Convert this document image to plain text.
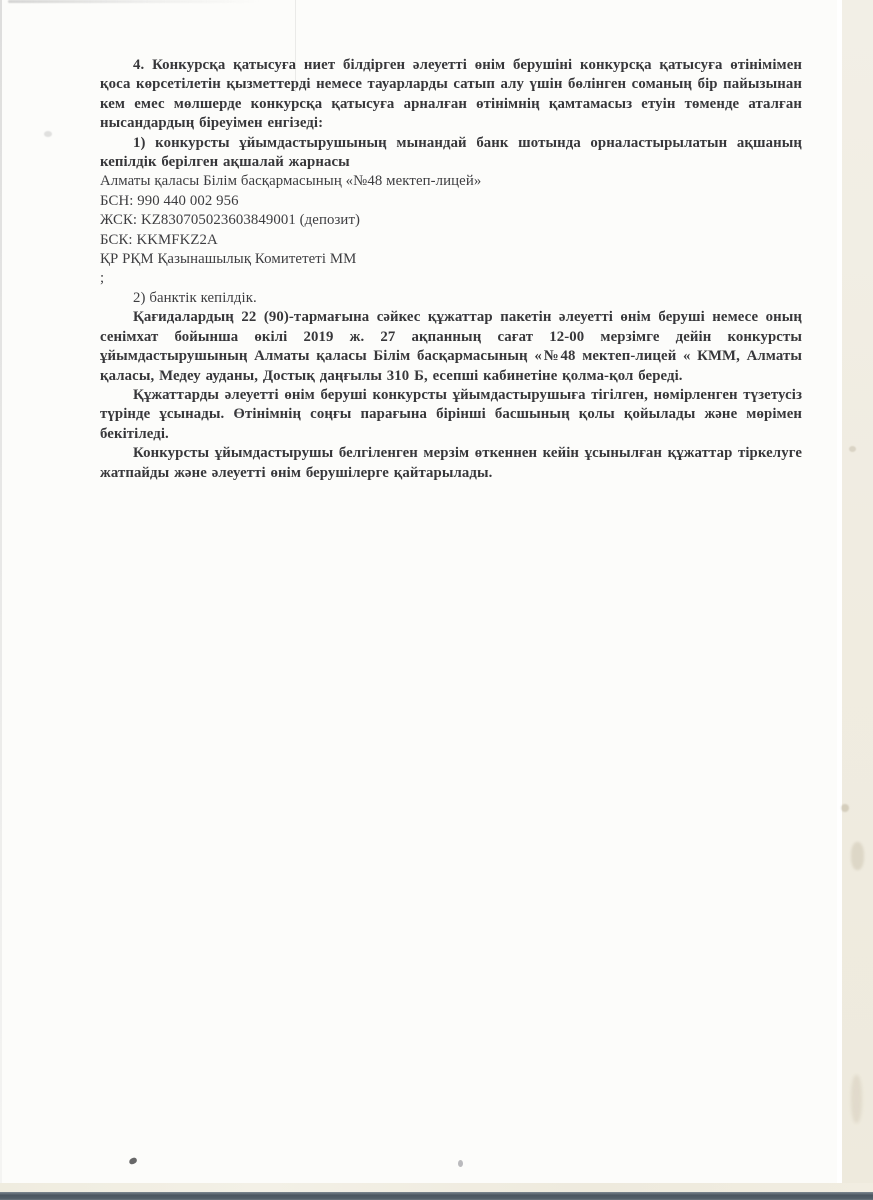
4. Конкурсқа қатысуға ниет білдірген әлеуетті өнім берушіні конкурсқа қатысуға өтінімімен қоса көрсетілетін қызметтерді немесе тауарларды сатып алу үшін бөлінген соманың бір пайызынан кем емес мөлшерде конкурсқа қатысуға арналған өтінімнің қамтамасыз етуін төменде аталған нысандардың біреуімен енгізеді:

1) конкурсты ұйымдастырушының мынандай банк шотында орналастырылатын ақшаның кепілдік берілген ақшалай жарнасы

Алматы қаласы Білім басқармасының «№48 мектеп-лицей»

БСН: 990 440 002 956

ЖСК: KZ830705023603849001 (депозит)

БСК: KKMFKZ2A

ҚР РҚМ Қазынашылық Комитететі ММ

;

2) банктік кепілдік.

Қағидалардың 22 (90)-тармағына сәйкес құжаттар пакетін әлеуетті өнім беруші немесе оның сенімхат бойынша өкілі 2019 ж. 27 ақпанның сағат 12-00 мерзімге дейін конкурсты ұйымдастырушының Алматы қаласы Білім басқармасының «№48 мектеп-лицей « КММ, Алматы қаласы, Медеу ауданы, Достық даңғылы 310 Б, есепші кабинетіне қолма-қол береді.

Құжаттарды әлеуетті өнім беруші конкурсты ұйымдастырушыға тігілген, нөмірленген түзетусіз түрінде ұсынады. Өтінімнің соңғы парағына бірінші басшының қолы қойылады және мөрімен бекітіледі.

Конкурсты ұйымдастырушы белгіленген мерзім өткеннен кейін ұсынылған құжаттар тіркелуге жатпайды және әлеуетті өнім берушілерге қайтарылады.
